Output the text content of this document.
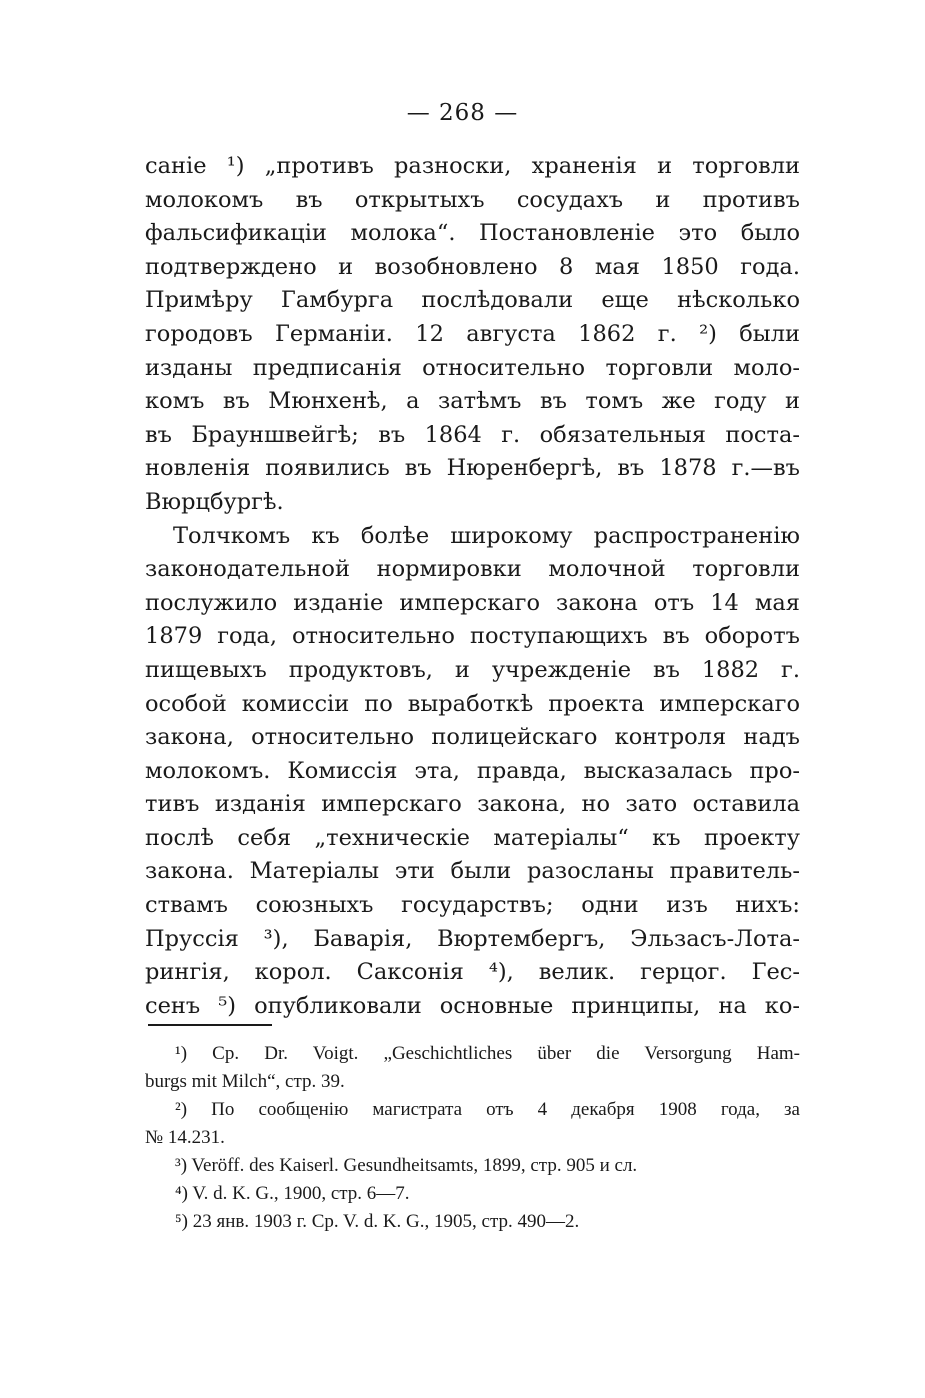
— 268 —
саніе ¹) „противъ разноски, храненія и торговли
молокомъ въ открытыхъ сосудахъ и противъ
фальсификаціи молока“. Постановленіе это было
подтверждено и возобновлено 8 мая 1850 года.
Примѣру Гамбурга послѣдовали еще нѣсколько
городовъ Германіи. 12 августа 1862 г. ²) были
изданы предписанія относительно торговли моло-
комъ въ Мюнхенѣ, а затѣмъ въ томъ же году и
въ Брауншвейгѣ; въ 1864 г. обязательныя поста-
новленія появились въ Нюренбергѣ, въ 1878 г.—въ
Вюрцбургѣ.
Толчкомъ къ болѣе широкому распространенію
законодательной нормировки молочной торговли
послужило изданіе имперскаго закона отъ 14 мая
1879 года, относительно поступающихъ въ оборотъ
пищевыхъ продуктовъ, и учрежденіе въ 1882 г.
особой комиссіи по выработкѣ проекта имперскаго
закона, относительно полицейскаго контроля надъ
молокомъ. Комиссія эта, правда, высказалась про-
тивъ изданія имперскаго закона, но зато оставила
послѣ себя „техническіе матеріалы“ къ проекту
закона. Матеріалы эти были разосланы правитель-
ствамъ союзныхъ государствъ; одни изъ нихъ:
Пруссія ³), Баварія, Вюртембергъ, Эльзасъ-Лота-
рингія, корол. Саксонія ⁴), велик. герцог. Гес-
сенъ ⁵) опубликовали основные принципы, на ко-
¹) Cp. Dr. Voigt. „Geschichtliches über die Versorgung Ham-
burgs mit Milch“, стр. 39.
²) По сообщенію магистрата отъ 4 декабря 1908 года, за
№ 14.231.
³) Veröff. des Kaiserl. Gesundheitsamts, 1899, стр. 905 и сл.
⁴) V. d. K. G., 1900, стр. 6—7.
⁵) 23 янв. 1903 г. Cp. V. d. K. G., 1905, стр. 490—2.
